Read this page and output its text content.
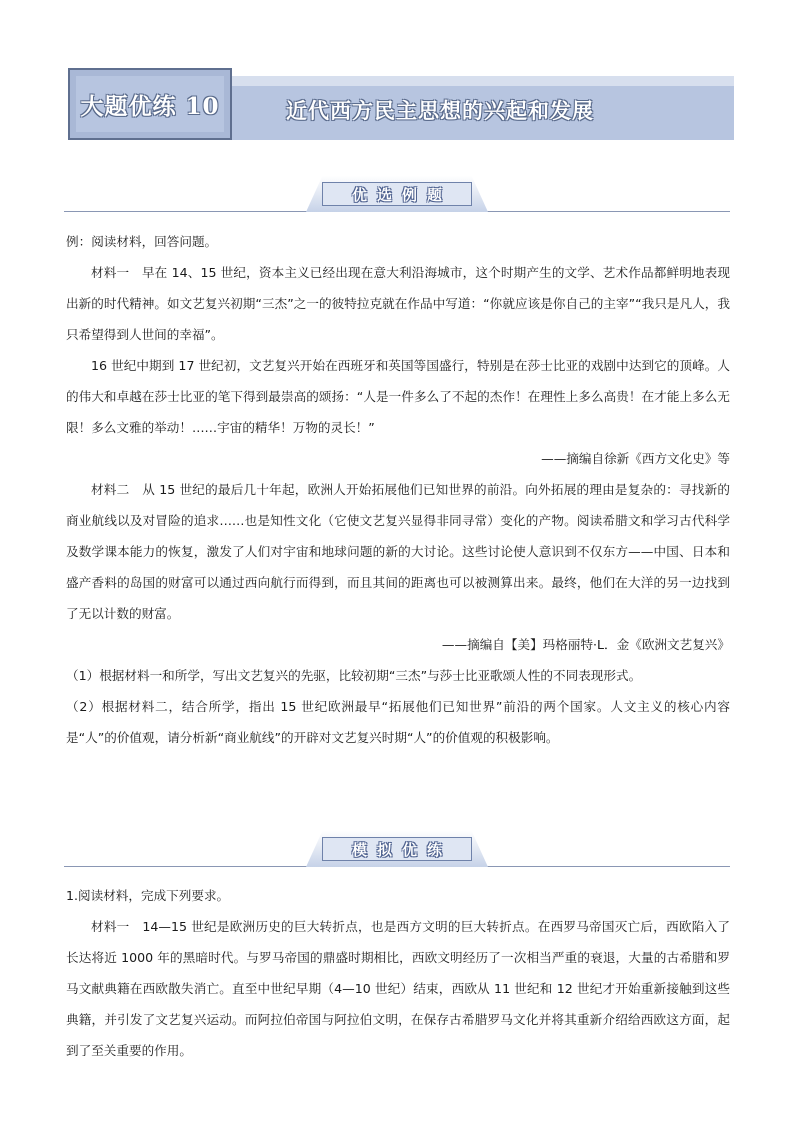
大题优练 10	近代西方民主思想的兴起和发展
优选例题

例：阅读材料，回答问题。

材料一　早在 14、15 世纪，资本主义已经出现在意大利沿海城市，这个时期产生的文学、艺术作品都鲜明地表现出新的时代精神。如文艺复兴初期“三杰”之一的彼特拉克就在作品中写道：“你就应该是你自己的主宰”“我只是凡人，我只希望得到人世间的幸福”。

16 世纪中期到 17 世纪初，文艺复兴开始在西班牙和英国等国盛行，特别是在莎士比亚的戏剧中达到它的顶峰。人的伟大和卓越在莎士比亚的笔下得到最崇高的颂扬：“人是一件多么了不起的杰作！在理性上多么高贵！在才能上多么无限！多么文雅的举动！……宇宙的精华！万物的灵长！”

——摘编自徐新《西方文化史》等

材料二　从 15 世纪的最后几十年起，欧洲人开始拓展他们已知世界的前沿。向外拓展的理由是复杂的：寻找新的商业航线以及对冒险的追求……也是知性文化（它使文艺复兴显得非同寻常）变化的产物。阅读希腊文和学习古代科学及数学课本能力的恢复，激发了人们对宇宙和地球问题的新的大讨论。这些讨论使人意识到不仅东方——中国、日本和盛产香料的岛国的财富可以通过西向航行而得到，而且其间的距离也可以被测算出来。最终，他们在大洋的另一边找到了无以计数的财富。

——摘编自【美】玛格丽特·L．金《欧洲文艺复兴》

（1）根据材料一和所学，写出文艺复兴的先驱，比较初期“三杰”与莎士比亚歌颂人性的不同表现形式。

（2）根据材料二，结合所学，指出 15 世纪欧洲最早“拓展他们已知世界”前沿的两个国家。人文主义的核心内容是“人”的价值观，请分析新“商业航线”的开辟对文艺复兴时期“人”的价值观的积极影响。

模拟优练

1.阅读材料，完成下列要求。

材料一　14—15 世纪是欧洲历史的巨大转折点，也是西方文明的巨大转折点。在西罗马帝国灭亡后，西欧陷入了长达将近 1000 年的黑暗时代。与罗马帝国的鼎盛时期相比，西欧文明经历了一次相当严重的衰退，大量的古希腊和罗马文献典籍在西欧散失消亡。直至中世纪早期（4—10 世纪）结束，西欧从 11 世纪和 12 世纪才开始重新接触到这些典籍，并引发了文艺复兴运动。而阿拉伯帝国与阿拉伯文明，在保存古希腊罗马文化并将其重新介绍给西欧这方面，起到了至关重要的作用。
